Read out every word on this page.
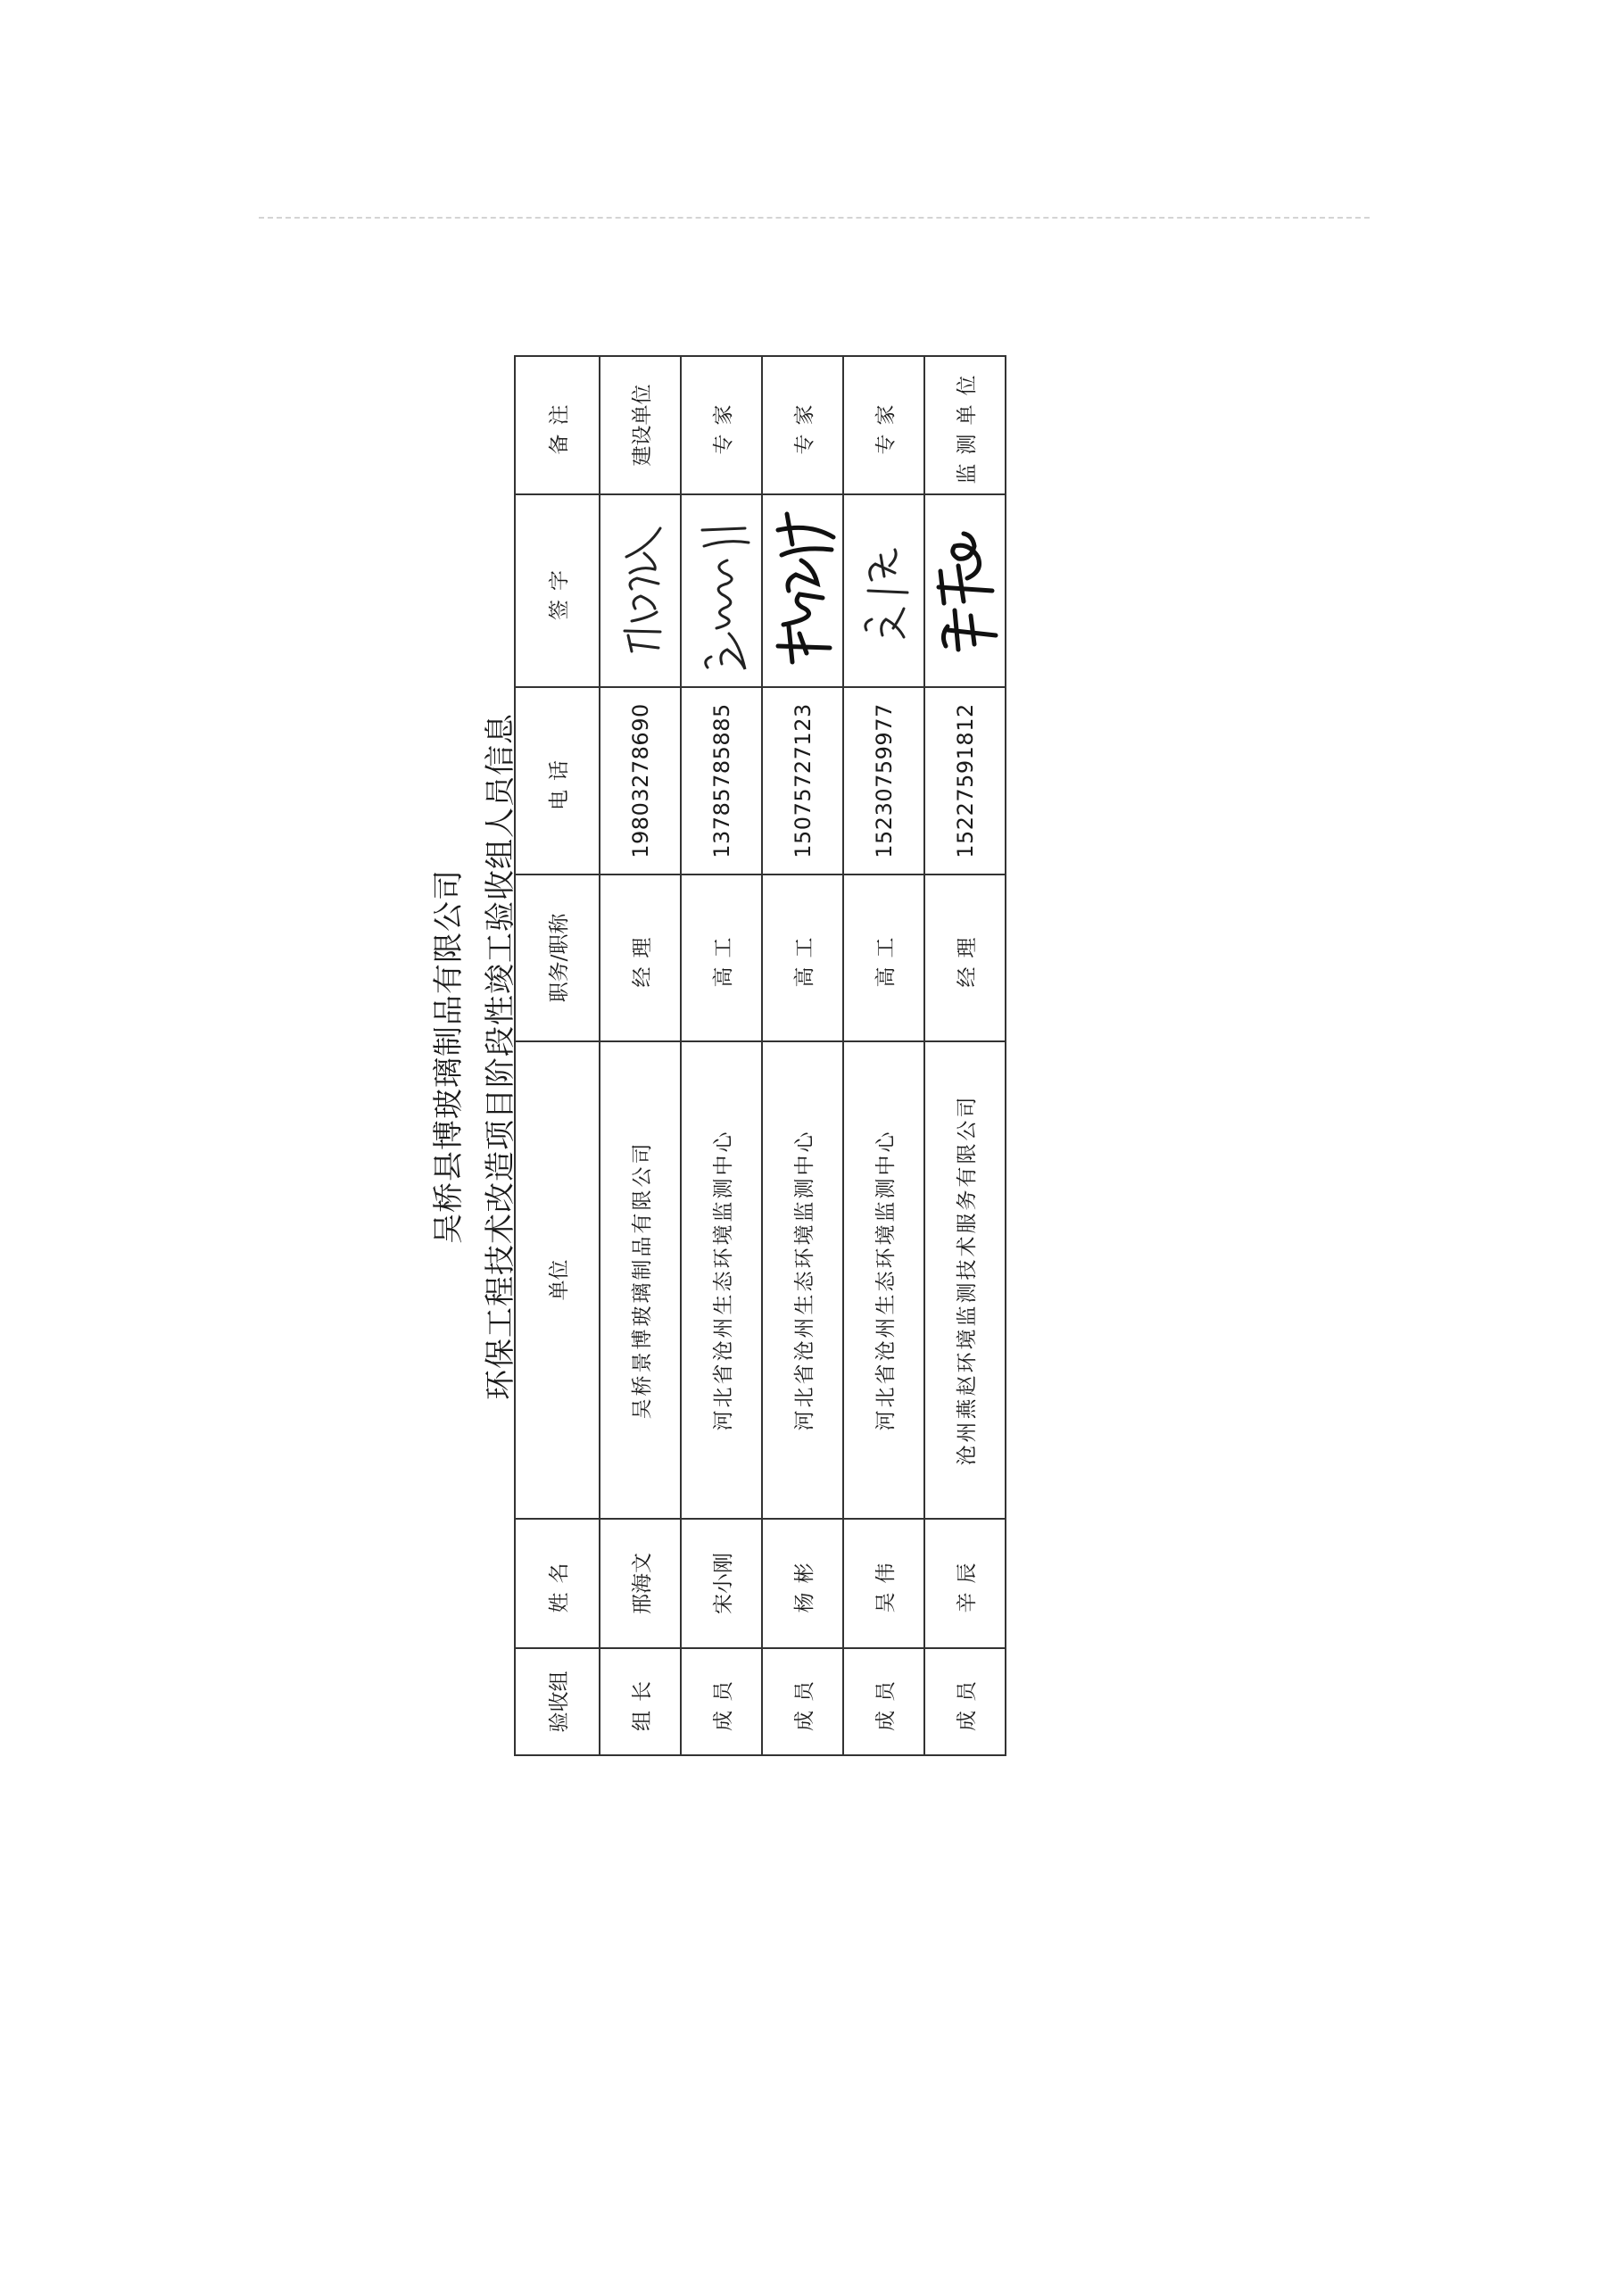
吴桥县博玻璃制品有限公司 环保工程技术改造项目阶段性竣工验收组人员信息
验收组	姓名	单位	职务/职称	电话	签字	备注
组长	邢海文	吴桥景博玻璃制品有限公司	经理	19803278690		建设单位
成员	宋小刚	河北省沧州生态环境监测中心	高工	13785785885		专家
成员	杨彬	河北省沧州生态环境监测中心	高工	15075727123		专家
成员	吴伟	河北省沧州生态环境监测中心	高工	15230759977		专家
成员	辛辰	沧州燕赵环境监测技术服务有限公司	经理	15227591812		监测单位
